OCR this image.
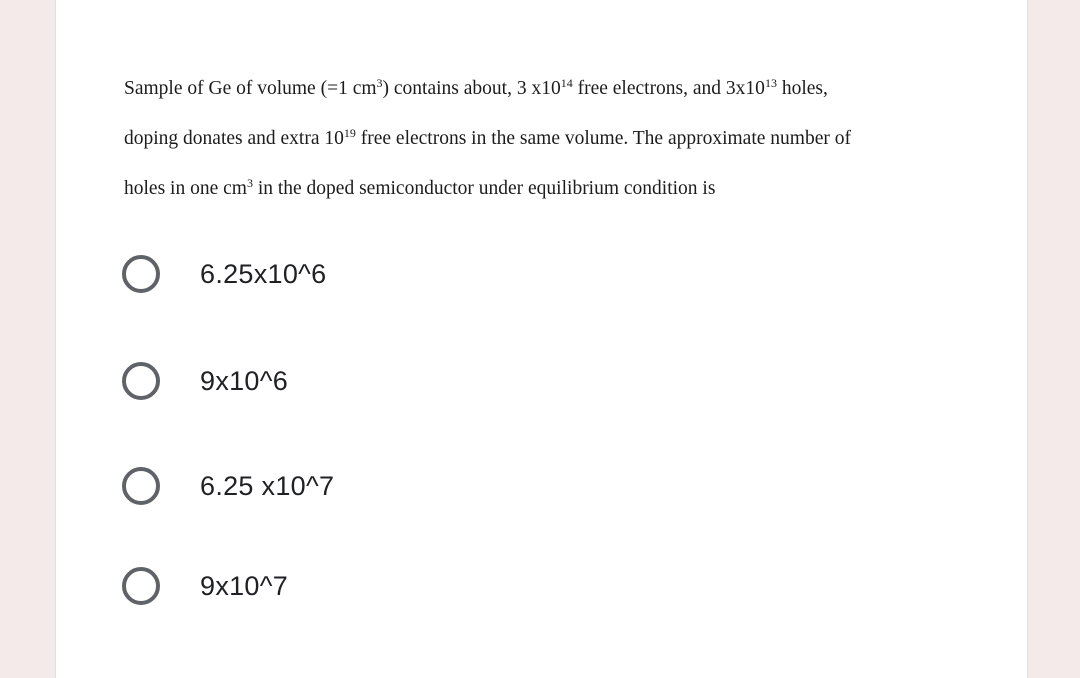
Sample of Ge of volume (=1 $cm^3$) contains about, 3 $x10^{14}$ free electrons, and $3x10^{13}$ holes,
doping donates and extra $10^{19}$ free electrons in the same volume. The approximate number of
holes in one $cm^3$ in the doped semiconductor under equilibrium condition is
6.25x10^6
9x10^6
6.25 x10^7
9x10^7
